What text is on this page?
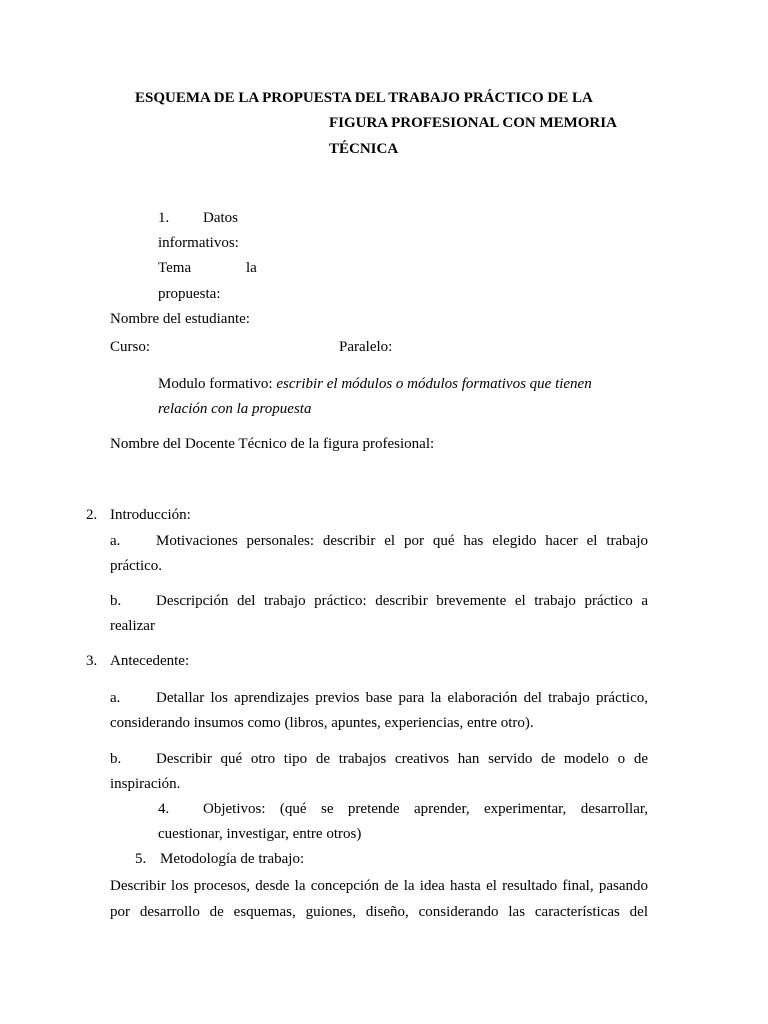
ESQUEMA DE LA PROPUESTA DEL TRABAJO PRÁCTICO DE LA
FIGURA PROFESIONAL CON MEMORIA
TÉCNICA
1. Datos
informativos:
Tema	la
propuesta:
Nombre del estudiante:
Curso:	Paralelo:
Modulo formativo: escribir el módulos o módulos formativos que tienen
relación con la propuesta
Nombre del Docente Técnico de la figura profesional:
2. Introducción:
a. Motivaciones personales: describir el por qué has elegido hacer el trabajo
práctico.
b. Descripción del trabajo práctico: describir brevemente el trabajo práctico a
realizar
3. Antecedente:
a. Detallar los aprendizajes previos base para la elaboración del trabajo práctico,
considerando insumos como (libros, apuntes, experiencias, entre otro).
b. Describir qué otro tipo de trabajos creativos han servido de modelo o de
inspiración.
4. Objetivos: (qué se pretende aprender, experimentar, desarrollar,
cuestionar, investigar, entre otros)
5. Metodología de trabajo:
Describir los procesos, desde la concepción de la idea hasta el resultado final, pasando
por desarrollo de esquemas, guiones, diseño, considerando las características del
